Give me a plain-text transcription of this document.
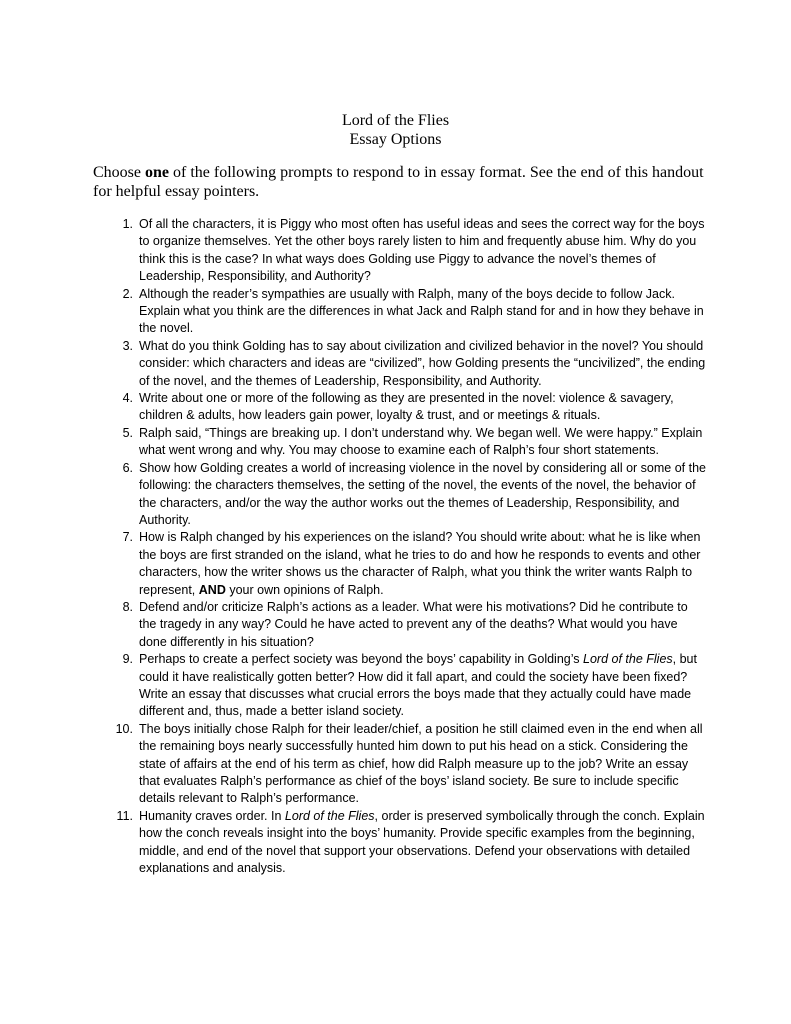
Lord of the Flies
Essay Options
Choose one of the following prompts to respond to in essay format. See the end of this handout for helpful essay pointers.
1. Of all the characters, it is Piggy who most often has useful ideas and sees the correct way for the boys to organize themselves. Yet the other boys rarely listen to him and frequently abuse him. Why do you think this is the case? In what ways does Golding use Piggy to advance the novel’s themes of Leadership, Responsibility, and Authority?
2. Although the reader’s sympathies are usually with Ralph, many of the boys decide to follow Jack. Explain what you think are the differences in what Jack and Ralph stand for and in how they behave in the novel.
3. What do you think Golding has to say about civilization and civilized behavior in the novel? You should consider: which characters and ideas are “civilized”, how Golding presents the “uncivilized”, the ending of the novel, and the themes of Leadership, Responsibility, and Authority.
4. Write about one or more of the following as they are presented in the novel: violence & savagery, children & adults, how leaders gain power, loyalty & trust, and or meetings & rituals.
5. Ralph said, “Things are breaking up. I don’t understand why. We began well. We were happy.” Explain what went wrong and why. You may choose to examine each of Ralph’s four short statements.
6. Show how Golding creates a world of increasing violence in the novel by considering all or some of the following: the characters themselves, the setting of the novel, the events of the novel, the behavior of the characters, and/or the way the author works out the themes of Leadership, Responsibility, and Authority.
7. How is Ralph changed by his experiences on the island? You should write about: what he is like when the boys are first stranded on the island, what he tries to do and how he responds to events and other characters, how the writer shows us the character of Ralph, what you think the writer wants Ralph to represent, AND your own opinions of Ralph.
8. Defend and/or criticize Ralph’s actions as a leader. What were his motivations? Did he contribute to the tragedy in any way? Could he have acted to prevent any of the deaths? What would you have done differently in his situation?
9. Perhaps to create a perfect society was beyond the boys’ capability in Golding’s Lord of the Flies, but could it have realistically gotten better? How did it fall apart, and could the society have been fixed? Write an essay that discusses what crucial errors the boys made that they actually could have made different and, thus, made a better island society.
10. The boys initially chose Ralph for their leader/chief, a position he still claimed even in the end when all the remaining boys nearly successfully hunted him down to put his head on a stick. Considering the state of affairs at the end of his term as chief, how did Ralph measure up to the job? Write an essay that evaluates Ralph’s performance as chief of the boys’ island society. Be sure to include specific details relevant to Ralph’s performance.
11. Humanity craves order. In Lord of the Flies, order is preserved symbolically through the conch. Explain how the conch reveals insight into the boys’ humanity. Provide specific examples from the beginning, middle, and end of the novel that support your observations. Defend your observations with detailed explanations and analysis.
